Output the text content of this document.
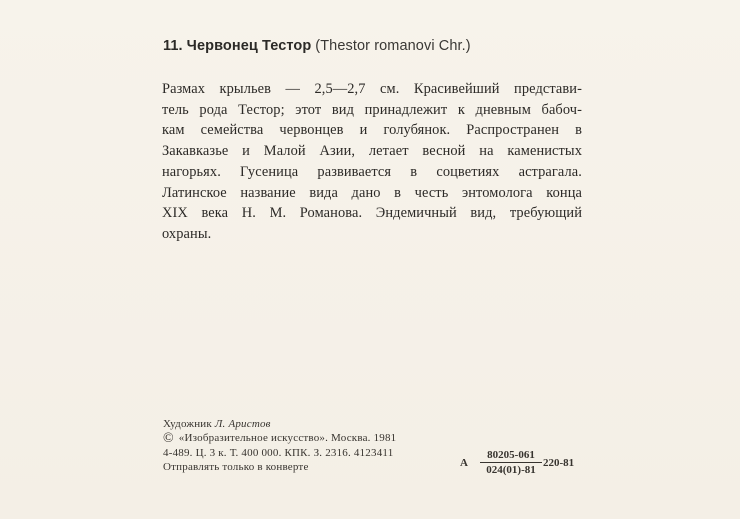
11. Червонец Тестор (Thestor romanovi Chr.)
Размах крыльев — 2,5—2,7 см. Красивейший представи-
тель рода Тестор; этот вид принадлежит к дневным бабоч-
кам семейства червонцев и голубянок. Распространен в
Закавказье и Малой Азии, летает весной на каменистых
нагорьях. Гусеница развивается в соцветиях астрагала.
Латинское название вида дано в честь энтомолога конца
XIX века Н. М. Романова. Эндемичный вид, требующий
охраны.
Художник Л. Аристов
© «Изобразительное искусство». Москва. 1981
4-489. Ц. 3 к. Т. 400 000. КПК. З. 2316. 4123411
Отправлять только в конверте	А $\frac{80205-061}{024(01)-81} 220-81$
